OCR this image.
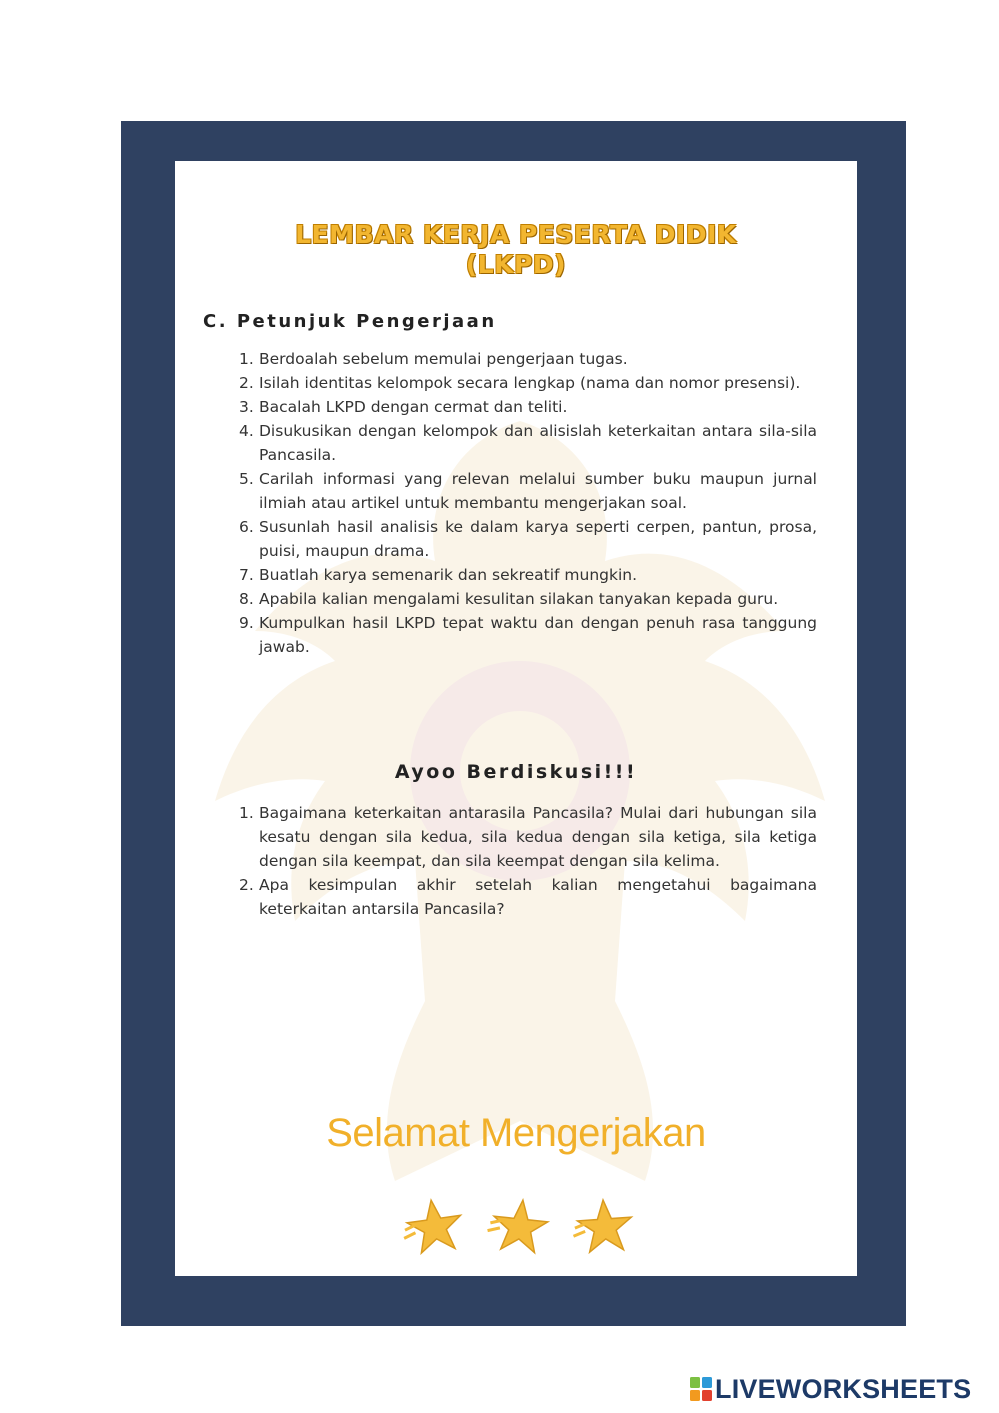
LEMBAR KERJA PESERTA DIDIK
(LKPD)
C. Petunjuk Pengerjaan
1. Berdoalah sebelum memulai pengerjaan tugas.
2. Isilah identitas kelompok secara lengkap (nama dan nomor presensi).
3. Bacalah LKPD dengan cermat dan teliti.
4. Disukusikan dengan kelompok dan alisislah keterkaitan antara sila-sila Pancasila.
5. Carilah informasi yang relevan melalui sumber buku maupun jurnal ilmiah atau artikel untuk membantu mengerjakan soal.
6. Susunlah hasil analisis ke dalam karya seperti cerpen, pantun, prosa, puisi, maupun drama.
7. Buatlah karya semenarik dan sekreatif mungkin.
8. Apabila kalian mengalami kesulitan silakan tanyakan kepada guru.
9. Kumpulkan hasil LKPD tepat waktu dan dengan penuh rasa tanggung jawab.
Ayoo Berdiskusi!!!
1. Bagaimana keterkaitan antarasila Pancasila? Mulai dari hubungan sila kesatu dengan sila kedua, sila kedua dengan sila ketiga, sila ketiga dengan sila keempat, dan sila keempat dengan sila kelima.
2. Apa kesimpulan akhir setelah kalian mengetahui bagaimana keterkaitan antarsila Pancasila?
Selamat Mengerjakan
LIVEWORKSHEETS
